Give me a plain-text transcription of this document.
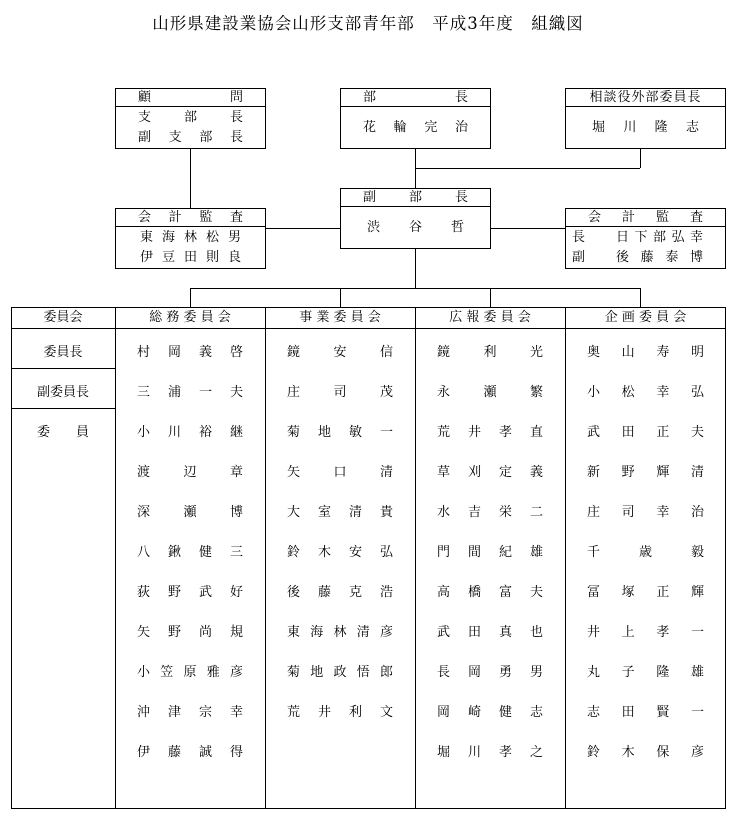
山形県建設業協会山形支部青年部　平成3年度　組織図
顧	問
支	部	長
副 支 部 長
部	長
花 輪 完 治
相談役外部委員長
堀 川 隆 志
副	部	長
渋 谷 哲
会 計 監 査
東 海 林 松 男
伊 豆 田 則 良
会 計 監 査
長 日 下 部 弘 幸
副 後 藤 泰 博
委員会
委員長
副委員長
委　　員
総 務 委 員 会
村 岡 義 啓
三 浦 一 夫
小 川 裕 継
渡	辺	章
深	瀬	博
八 鍬 健 三
荻 野 武 好
矢 野 尚 規
小 笠 原 雅 彦
沖 津 宗 幸
伊 藤 誠 得
事 業 委 員 会
鏡	安	信
庄	司	茂
菊 地 敏 一
矢	口	清
大 室 清 貴
鈴 木 安 弘
後 藤 克 浩
東 海 林 清 彦
菊 地 政 悟 郎
荒 井 利 文
広 報 委 員 会
鏡	利	光
永	瀬	繁
荒 井 孝 直
草 刈 定 義
水 吉 栄 二
門 間 紀 雄
高 橋 富 夫
武 田 真 也
長 岡 勇 男
岡 崎 健 志
堀 川 孝 之
企 画 委 員 会
奥 山 寿 明
小 松 幸 弘
武 田 正 夫
新 野 輝 清
庄 司 幸 治
千	歳	毅
冨 塚 正 輝
井 上 孝 一
丸 子 隆 雄
志 田 賢 一
鈴 木 保 彦
